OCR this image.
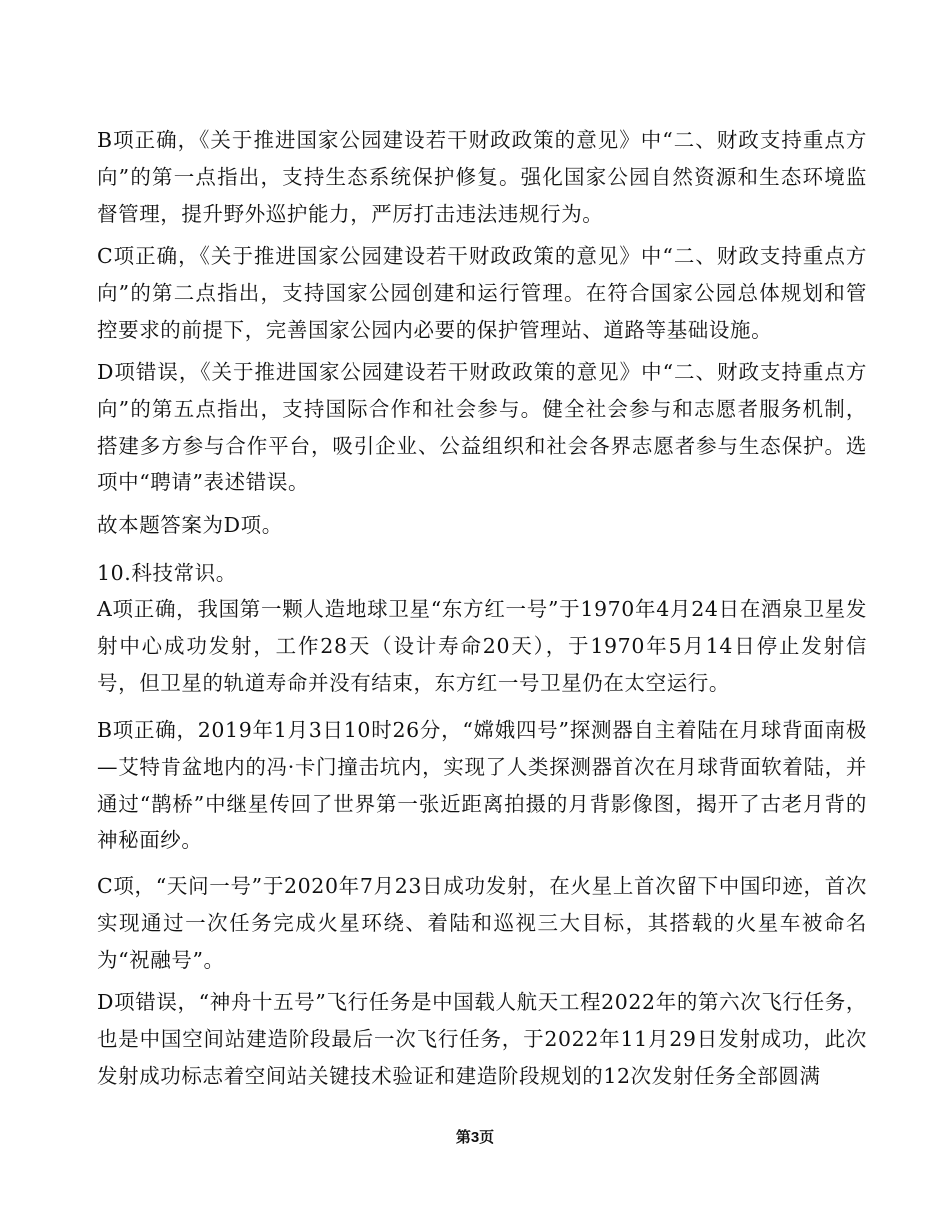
B项正确，《关于推进国家公园建设若干财政政策的意见》中“二、财政支持重点方向”的第一点指出，支持生态系统保护修复。强化国家公园自然资源和生态环境监督管理，提升野外巡护能力，严厉打击违法违规行为。

C项正确，《关于推进国家公园建设若干财政政策的意见》中“二、财政支持重点方向”的第二点指出，支持国家公园创建和运行管理。在符合国家公园总体规划和管控要求的前提下，完善国家公园内必要的保护管理站、道路等基础设施。

D项错误，《关于推进国家公园建设若干财政政策的意见》中“二、财政支持重点方向”的第五点指出，支持国际合作和社会参与。健全社会参与和志愿者服务机制，搭建多方参与合作平台，吸引企业、公益组织和社会各界志愿者参与生态保护。选项中“聘请”表述错误。

故本题答案为D项。

10.科技常识。

A项正确，我国第一颗人造地球卫星“东方红一号”于1970年4月24日在酒泉卫星发射中心成功发射，工作28天（设计寿命20天），于1970年5月14日停止发射信号，但卫星的轨道寿命并没有结束，东方红一号卫星仍在太空运行。

B项正确，2019年1月3日10时26分，“嫦娥四号”探测器自主着陆在月球背面南极—艾特肯盆地内的冯·卡门撞击坑内，实现了人类探测器首次在月球背面软着陆，并通过“鹊桥”中继星传回了世界第一张近距离拍摄的月背影像图，揭开了古老月背的神秘面纱。

C项，“天问一号”于2020年7月23日成功发射，在火星上首次留下中国印迹，首次实现通过一次任务完成火星环绕、着陆和巡视三大目标，其搭载的火星车被命名为“祝融号”。

D项错误，“神舟十五号”飞行任务是中国载人航天工程2022年的第六次飞行任务，也是中国空间站建造阶段最后一次飞行任务，于2022年11月29日发射成功，此次发射成功标志着空间站关键技术验证和建造阶段规划的12次发射任务全部圆满

第3页
